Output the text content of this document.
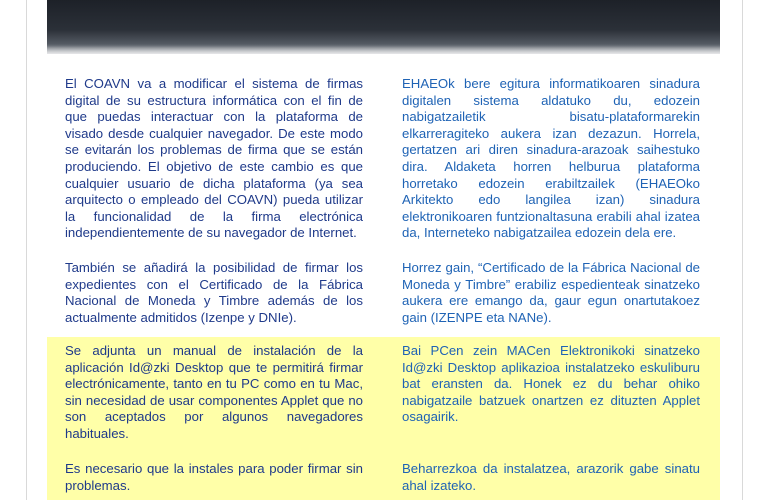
El COAVN va a modificar el sistema de firmas digital de su estructura informática con el fin de que puedas interactuar con la plataforma de visado desde cualquier navegador. De este modo se evitarán los problemas de firma que se están produciendo. El objetivo de este cambio es que cualquier usuario de dicha plataforma (ya sea arquitecto o empleado del COAVN) pueda utilizar la funcionalidad de la firma electrónica independientemente de su navegador de Internet.

También se añadirá la posibilidad de firmar los expedientes con el Certificado de la Fábrica Nacional de Moneda y Timbre además de los actualmente admitidos (Izenpe y DNIe).

Se adjunta un manual de instalación de la aplicación Id@zki Desktop que te permitirá firmar electrónicamente, tanto en tu PC como en tu Mac, sin necesidad de usar componentes Applet que no son aceptados por algunos navegadores habituales.

Es necesario que la instales para poder firmar sin problemas.

EHAEOk bere egitura informatikoaren sinadura digitalen sistema aldatuko du, edozein nabigatzailetik bisatu-plataformarekin elkarreragiteko aukera izan dezazun. Horrela, gertatzen ari diren sinadura-arazoak saihestuko dira. Aldaketa horren helburua plataforma horretako edozein erabiltzailek (EHAEOko Arkitekto edo langilea izan) sinadura elektronikoaren funtzionaltasuna erabili ahal izatea da, Interneteko nabigatzailea edozein dela ere.

Horrez gain, “Certificado de la Fábrica Nacional de Moneda y Timbre” erabiliz espedienteak sinatzeko aukera ere emango da, gaur egun onartutakoez gain (IZENPE eta NANe).

Bai PCen zein MACen Elektronikoki sinatzeko Id@zki Desktop aplikazioa instalatzeko eskuliburu bat eransten da. Honek ez du behar ohiko nabigatzaile batzuek onartzen ez dituzten Applet osagairik.

Beharrezkoa da instalatzea, arazorik gabe sinatu ahal izateko.
